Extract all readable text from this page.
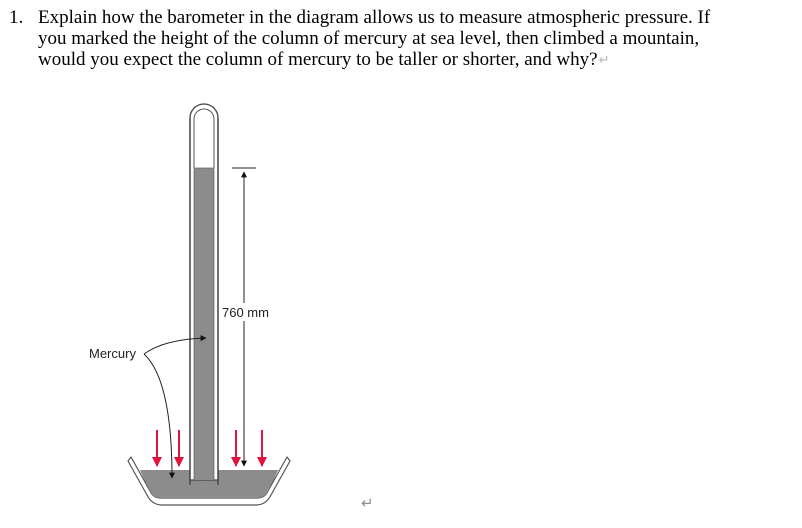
1. Explain how the barometer in the diagram allows us to measure atmospheric pressure. If
you marked the height of the column of mercury at sea level, then climbed a mountain,
would you expect the column of mercury to be taller or shorter, and why?↵
760 mm
Mercury
↵
